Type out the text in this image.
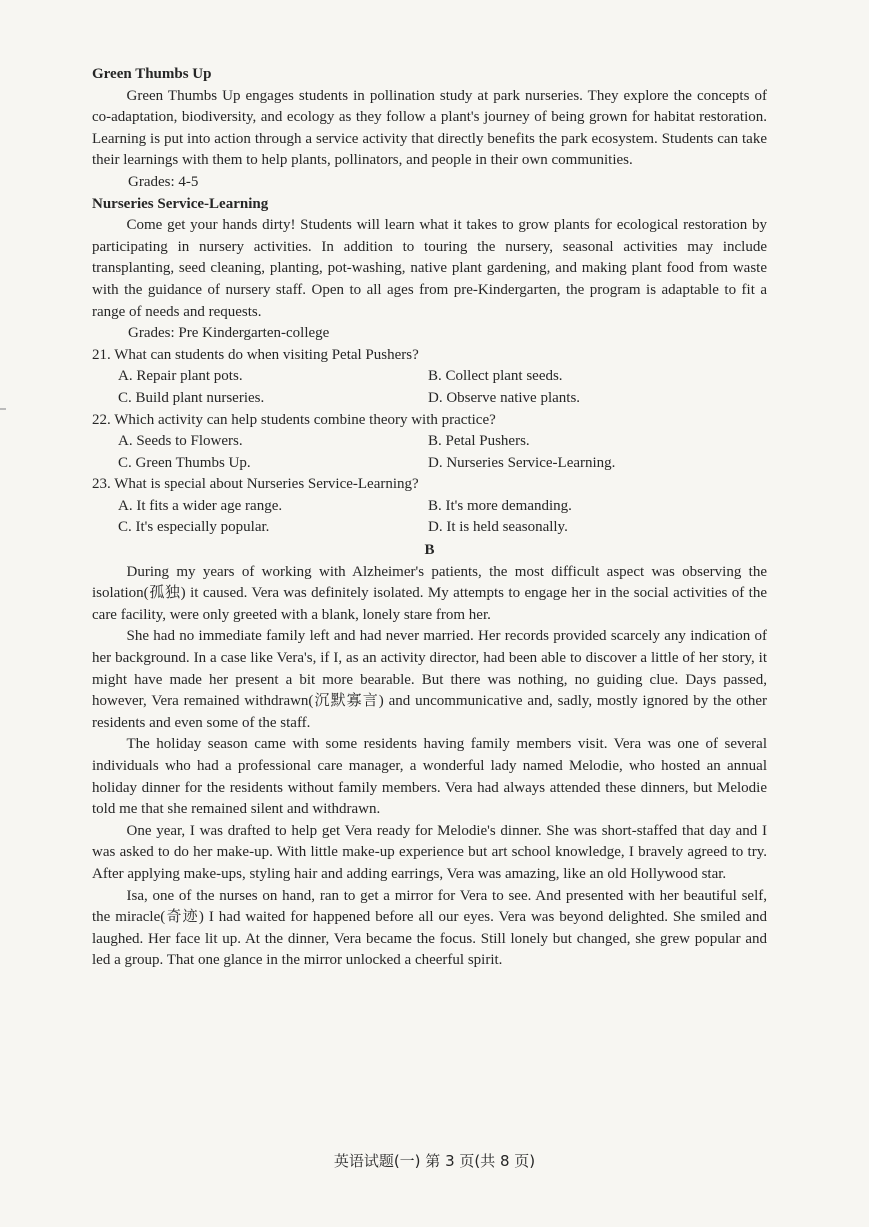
Green Thumbs Up

Green Thumbs Up engages students in pollination study at park nurseries. They explore the concepts of co-adaptation, biodiversity, and ecology as they follow a plant's journey of being grown for habitat restoration. Learning is put into action through a service activity that directly benefits the park ecosystem. Students can take their learnings with them to help plants, pollinators, and people in their own communities.

Grades: 4-5
Nurseries Service-Learning

Come get your hands dirty! Students will learn what it takes to grow plants for ecological restoration by participating in nursery activities. In addition to touring the nursery, seasonal activities may include transplanting, seed cleaning, planting, pot-washing, native plant gardening, and making plant food from waste with the guidance of nursery staff. Open to all ages from pre-Kindergarten, the program is adaptable to fit a range of needs and requests.

Grades: Pre Kindergarten-college
21. What can students do when visiting Petal Pushers?
A. Repair plant pots.	B. Collect plant seeds.
C. Build plant nurseries.	D. Observe native plants.
22. Which activity can help students combine theory with practice?
A. Seeds to Flowers.	B. Petal Pushers.
C. Green Thumbs Up.	D. Nurseries Service-Learning.
23. What is special about Nurseries Service-Learning?
A. It fits a wider age range.	B. It's more demanding.
C. It's especially popular.	D. It is held seasonally.
B

During my years of working with Alzheimer's patients, the most difficult aspect was observing the isolation(孤独) it caused. Vera was definitely isolated. My attempts to engage her in the social activities of the care facility, were only greeted with a blank, lonely stare from her.

She had no immediate family left and had never married. Her records provided scarcely any indication of her background. In a case like Vera's, if I, as an activity director, had been able to discover a little of her story, it might have made her present a bit more bearable. But there was nothing, no guiding clue. Days passed, however, Vera remained withdrawn(沉默寡言) and uncommunicative and, sadly, mostly ignored by the other residents and even some of the staff.

The holiday season came with some residents having family members visit. Vera was one of several individuals who had a professional care manager, a wonderful lady named Melodie, who hosted an annual holiday dinner for the residents without family members. Vera had always attended these dinners, but Melodie told me that she remained silent and withdrawn.

One year, I was drafted to help get Vera ready for Melodie's dinner. She was short-staffed that day and I was asked to do her make-up. With little make-up experience but art school knowledge, I bravely agreed to try. After applying make-ups, styling hair and adding earrings, Vera was amazing, like an old Hollywood star.

Isa, one of the nurses on hand, ran to get a mirror for Vera to see. And presented with her beautiful self, the miracle(奇迹) I had waited for happened before all our eyes. Vera was beyond delighted. She smiled and laughed. Her face lit up. At the dinner, Vera became the focus. Still lonely but changed, she grew popular and led a group. That one glance in the mirror unlocked a cheerful spirit.

英语试题(一) 第 3 页(共 8 页)
